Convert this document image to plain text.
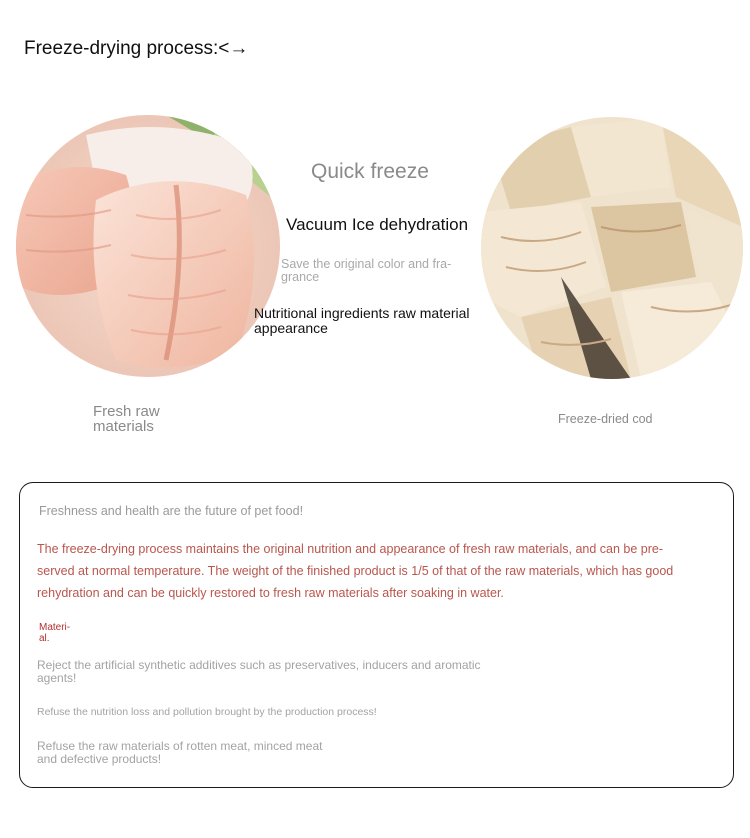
Freeze-drying process:<→
Quick freeze
Vacuum Ice dehydration
Save the original color and fra- grance
Nutritional ingredients raw material appearance
Fresh raw materials	Freeze-dried cod
Freshness and health are the future of pet food!
The freeze-drying process maintains the original nutrition and appearance of fresh raw materials, and can be pre- served at normal temperature. The weight of the finished product is 1/5 of that of the raw materials, which has good rehydration and can be quickly restored to fresh raw materials after soaking in water.
Materi- al.
Reject the artificial synthetic additives such as preservatives, inducers and aromatic agents!
Refuse the nutrition loss and pollution brought by the production process!
Refuse the raw materials of rotten meat, minced meat and defective products!
